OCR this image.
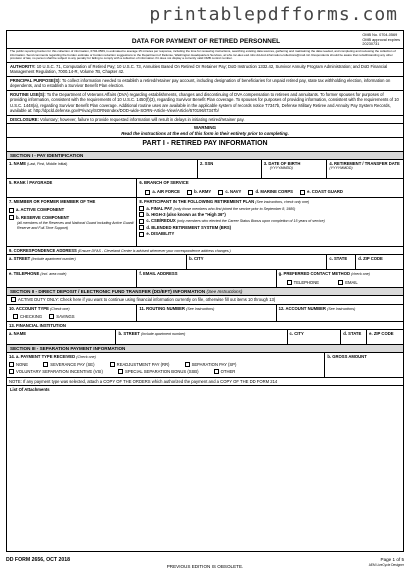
printablepdfforms.com
DATA FOR PAYMENT OF RETIRED PERSONNEL
OMB No. 0704-0569
OMB approval expires
20230731
The public reporting burden for this collection of information, 0704-0569, is estimated to average 15 minutes per response, including the time for reviewing instructions, searching existing data sources, gathering and maintaining the data needed, and completing and reviewing the collection of information. Send comments regarding the burden estimate or burden reduction suggestions to the Department of Defense, Washington Headquarters Services, at whs.mc-alex.esd.mbx.dd-dod-information-collections@mail.mil. Respondents should be aware that notwithstanding any other provision of law, no person shall be subject to any penalty for failing to comply with a collection of information if it does not display a currently valid OMB control number.
AUTHORITY: 10 U.S.C. 71, Computation of Retired Pay; 10 U.S.C. 73, Annuities Based On Retired Or Retainer Pay; DoD Instruction 1332.42, Survivor Annuity Program Administration; and DoD Financial Management Regulation, 7000.14-R, Volume 7B, Chapter 42.
PRINCIPAL PURPOSE(S): To collect information needed to establish a retired/retainer pay account, including designation of beneficiaries for unpaid retired pay, state tax withholding election, information on dependents, and to establish a Survivor Benefit Plan election.
ROUTINE USE(S): To the Department of Veterans Affairs (DVA) regarding establishments, changes and discontinuing of DVA compensation to retirees and annuitants. To former spouses for purposes of providing information, consistent with the requirements of 10 U.S.C. 1450(f)(3), regarding Survivor Benefit Plan coverage. To spouses for purposes of providing information, consistent with the requirements of 10 U.S.C. 1448(a), regarding Survivor Benefit Plan coverage. Additional routine uses are available in the applicable system of records notice T7347b, Defense Military Retiree and Annuity Pay System Records, available at: http://dpcld.defense.gov/Privacy/SORNsIndex/DOD-wide-SORN-Article-View/Article/570196/t7347b/
DISCLOSURE: Voluntary; however, failure to provide requested information will result in delays in initiating retired/retainer pay.
WARNING
Read the instructions at the end of this form in their entirety prior to completing.
PART I - RETIRED PAY INFORMATION
SECTION I - PAY IDENTIFICATION
1. NAME (Last, First, Middle Initial)	2. SSN	3. DATE OF BIRTH
(YYYYMMDD)
4. RETIREMENT / TRANSFER DATE
(YYYYMMDD)
5. RANK / PAYGRADE	6. BRANCH OF SERVICE
a. AIR FORCE	b. ARMY	c. NAVY	d. MARINE CORPS	e. COAST GUARD
7. MEMBER OR FORMER MEMBER OF THE
a. ACTIVE COMPONENT b. RESERVE COMPONENT
(all members of the Reserves and National Guard including Active Guard/ Reserve and Full-Time Support)
8. PARTICIPANT IN THE FOLLOWING RETIREMENT PLAN (See instructions, check only one)
a. FINAL PAY (only those members who first joined the service prior to September 8, 1980)
b. HIGH-3 (also known as the "High 36")
c. CSB/REDUX (only members who elected the Career Status Bonus upon completion of 15 years of service)
d. BLENDED RETIREMENT SYSTEM (BRS)
e. DISABILITY
9. CORRESPONDENCE ADDRESS (Ensure DFAS - Cleveland Center is advised whenever your correspondence address changes.)
a. STREET (Include apartment number)	b. CITY	c. STATE	d. ZIP CODE
e. TELEPHONE (Incl. area code)	f. EMAIL ADDRESS	g. PREFERRED CONTACT METHOD (check one)
TELEPHONE	EMAIL
SECTION II - DIRECT DEPOSIT / ELECTRONIC FUND TRANSFER (DD/EFT) INFORMATION (See Instructions)
ACTIVE DUTY ONLY: Check here if you want to continue using financial information currently on file, otherwise fill out items 10 through 13)
10. ACCOUNT TYPE (Check one)
CHECKING	SAVINGS
11. ROUTING NUMBER (See Instructions)	12. ACCOUNT NUMBER (See Instructions)
13. FINANCIAL INSTITUTION
a. NAME	b. STREET (Include apartment number)	c. CITY	d. STATE	e. ZIP CODE
SECTION III - SEPARATION PAYMENT INFORMATION
14. a. PAYMENT TYPE RECEIVED (Check one)
NONE	SEVERANCE PAY (SE)	READJUSTMENT PAY (RR)	SEPARATION PAY (SP)
VOLUNTARY SEPARATION INCENTIVE (VSI)	SPECIAL SEPARATION BONUS (SSB)	OTHER
b. GROSS AMOUNT
NOTE: If any payment type was selected, attach a COPY OF THE ORDERS which authorized the payment and a COPY OF THE DD FORM 214
List Of Attachments
DD FORM 2656, OCT 2018
PREVIOUS EDITION IS OBSOLETE.
Page 1 of 5
AEM LiveCycle Designer
